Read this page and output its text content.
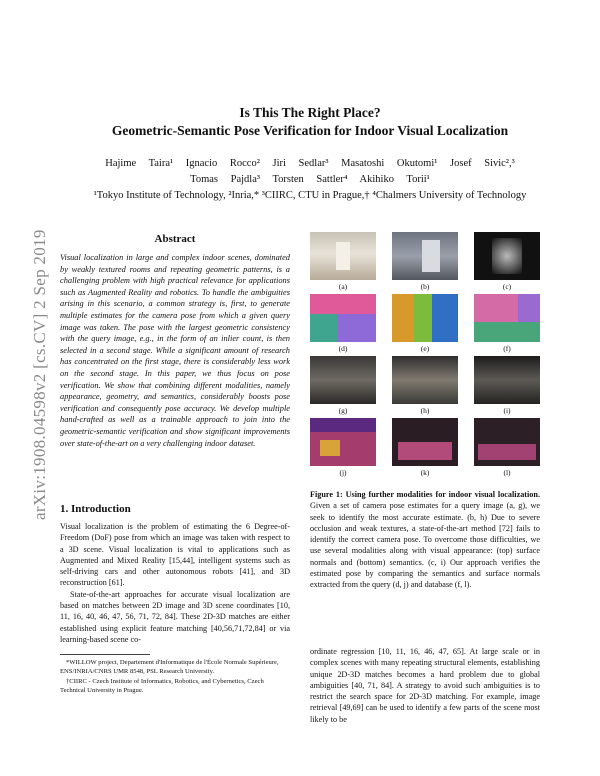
arXiv:1908.04598v2 [cs.CV] 2 Sep 2019
Is This The Right Place?
Geometric-Semantic Pose Verification for Indoor Visual Localization
Hajime Taira¹ Ignacio Rocco² Jiri Sedlar³ Masatoshi Okutomi¹ Josef Sivic²,³
Tomas Pajdla³ Torsten Sattler⁴ Akihiko Torii¹
¹Tokyo Institute of Technology, ²Inria,* ³CIIRC, CTU in Prague,† ⁴Chalmers University of Technology
Abstract
Visual localization in large and complex indoor scenes, dominated by weakly textured rooms and repeating geometric patterns, is a challenging problem with high practical relevance for applications such as Augmented Reality and robotics. To handle the ambiguities arising in this scenario, a common strategy is, first, to generate multiple estimates for the camera pose from which a given query image was taken. The pose with the largest geometric consistency with the query image, e.g., in the form of an inlier count, is then selected in a second stage. While a significant amount of research has concentrated on the first stage, there is considerably less work on the second stage. In this paper, we thus focus on pose verification. We show that combining different modalities, namely appearance, geometry, and semantics, considerably boosts pose verification and consequently pose accuracy. We develop multiple hand-crafted as well as a trainable approach to join into the geometric-semantic verification and show significant improvements over state-of-the-art on a very challenging indoor dataset.
1. Introduction

Visual localization is the problem of estimating the 6 Degree-of-Freedom (DoF) pose from which an image was taken with respect to a 3D scene. Visual localization is vital to applications such as Augmented and Mixed Reality [15,44], intelligent systems such as self-driving cars and other autonomous robots [41], and 3D reconstruction [61].

State-of-the-art approaches for accurate visual localization are based on matches between 2D image and 3D scene coordinates [10, 11, 16, 40, 46, 47, 56, 71, 72, 84]. These 2D-3D matches are either established using explicit feature matching [40,56,71,72,84] or via learning-based scene co-

*WILLOW project, Departement d'Informatique de l'École Normale Supérieure, ENS/INRIA/CNRS UMR 8548, PSL Research University.

†CIIRC - Czech Institute of Informatics, Robotics, and Cybernetics, Czech Technical University in Prague.

(a)	(b)	(c)
(d)	(e)	(f)
(g)	(h)	(i)
(j)	(k)	(l)
Figure 1: Using further modalities for indoor visual localization. Given a set of camera pose estimates for a query image (a, g), we seek to identify the most accurate estimate. (b, h) Due to severe occlusion and weak textures, a state-of-the-art method [72] fails to identify the correct camera pose. To overcome those difficulties, we use several modalities along with visual appearance: (top) surface normals and (bottom) semantics. (c, i) Our approach verifies the estimated pose by comparing the semantics and surface normals extracted from the query (d, j) and database (f, l).
ordinate regression [10, 11, 16, 46, 47, 65]. At large scale or in complex scenes with many repeating structural elements, establishing unique 2D-3D matches becomes a hard problem due to global ambiguities [40, 71, 84]. A strategy to avoid such ambiguities is to restrict the search space for 2D-3D matching. For example, image retrieval [49,69] can be used to identify a few parts of the scene most likely to be
